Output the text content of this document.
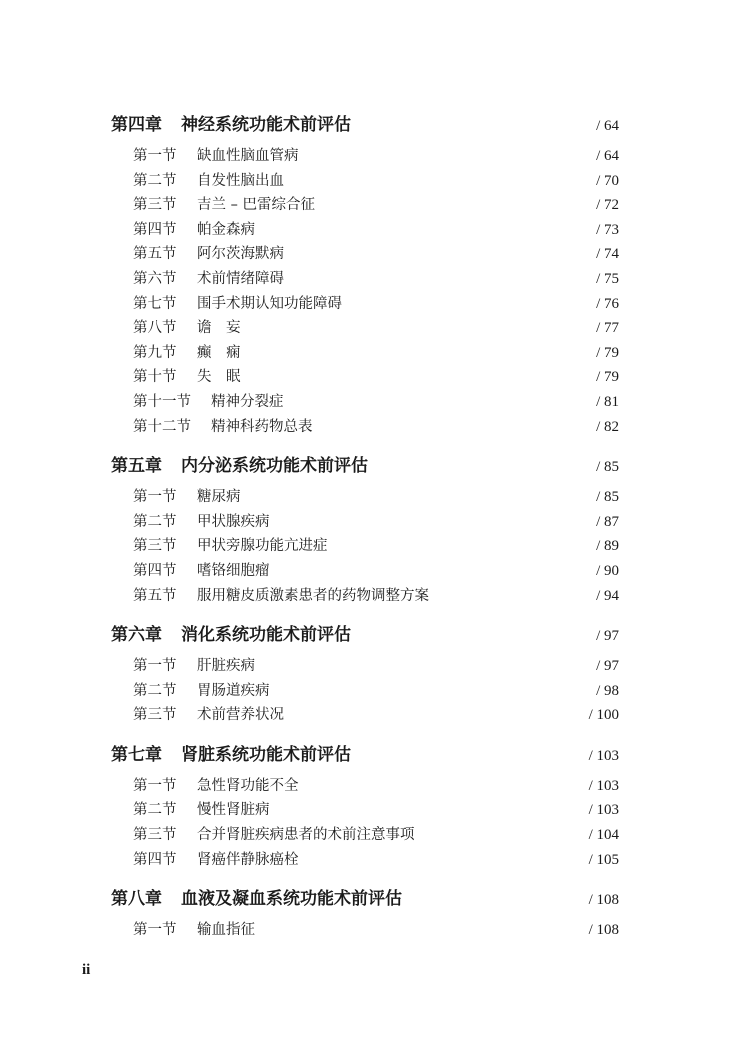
第四章 神经系统功能术前评估	/ 64
第一节 缺血性脑血管病	/ 64
第二节 自发性脑出血	/ 70
第三节 吉兰 – 巴雷综合征	/ 72
第四节 帕金森病	/ 73
第五节 阿尔茨海默病	/ 74
第六节 术前情绪障碍	/ 75
第七节 围手术期认知功能障碍	/ 76
第八节 谵　妄	/ 77
第九节 癫　痫	/ 79
第十节 失　眠	/ 79
第十一节 精神分裂症	/ 81
第十二节 精神科药物总表	/ 82
第五章 内分泌系统功能术前评估	/ 85
第一节 糖尿病	/ 85
第二节 甲状腺疾病	/ 87
第三节 甲状旁腺功能亢进症	/ 89
第四节 嗜铬细胞瘤	/ 90
第五节 服用糖皮质激素患者的药物调整方案	/ 94
第六章 消化系统功能术前评估	/ 97
第一节 肝脏疾病	/ 97
第二节 胃肠道疾病	/ 98
第三节 术前营养状况	/ 100
第七章 肾脏系统功能术前评估	/ 103
第一节 急性肾功能不全	/ 103
第二节 慢性肾脏病	/ 103
第三节 合并肾脏疾病患者的术前注意事项	/ 104
第四节 肾癌伴静脉癌栓	/ 105
第八章 血液及凝血系统功能术前评估	/ 108
第一节 输血指征	/ 108
ii
